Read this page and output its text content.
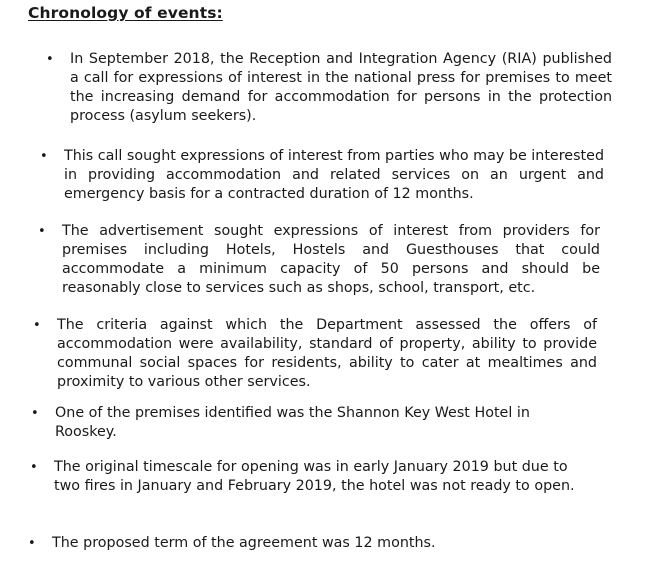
Chronology of events:
• In September 2018, the Reception and Integration Agency (RIA) published a call for expressions of interest in the national press for premises to meet the increasing demand for accommodation for persons in the protection process (asylum seekers).
• This call sought expressions of interest from parties who may be interested in providing accommodation and related services on an urgent and emergency basis for a contracted duration of 12 months.
• The advertisement sought expressions of interest from providers for premises including Hotels, Hostels and Guesthouses that could accommodate a minimum capacity of 50 persons and should be reasonably close to services such as shops, school, transport, etc.
• The criteria against which the Department assessed the offers of accommodation were availability, standard of property, ability to provide communal social spaces for residents, ability to cater at mealtimes and proximity to various other services.
• One of the premises identified was the Shannon Key West Hotel in Rooskey.
• The original timescale for opening was in early January 2019 but due to two fires in January and February 2019, the hotel was not ready to open.
• The proposed term of the agreement was 12 months.
